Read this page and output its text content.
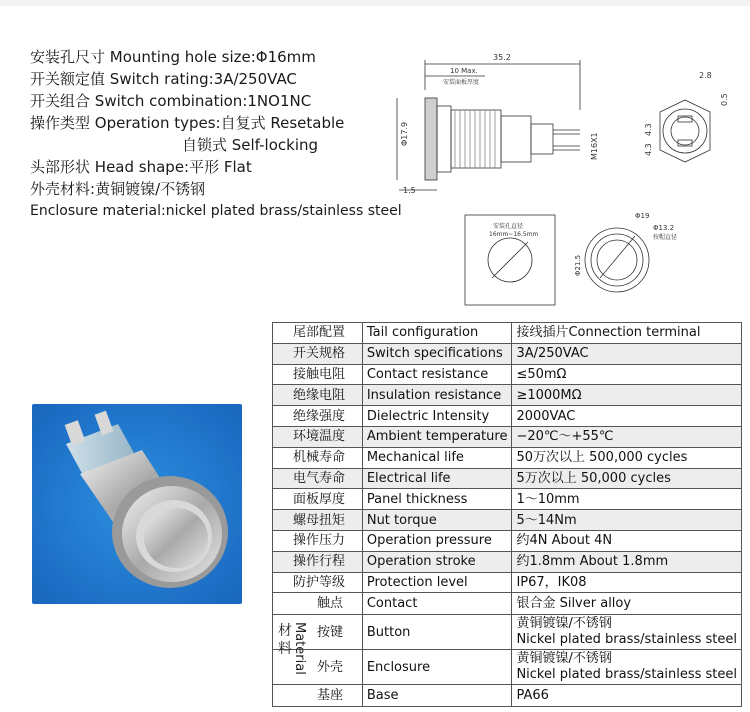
安装孔尺寸 Mounting hole size:Φ16mm
开关额定值 Switch rating:3A/250VAC
开关组合 Switch combination:1NO1NC
操作类型 Operation types:自复式 Resetable
自锁式 Self-locking
头部形状 Head shape:平形 Flat
外壳材料:黄铜镀镍/不锈钢
Enclosure material:nickel plated brass/stainless steel
35.2
10 Max.
安装面板厚度
Φ17.9
1.5
M16X1
2.8
0.5
4.3
4.3
安装孔直径
16mm~16.5mm
Φ19
Φ13.2
按帽直径
Φ21.5
尾部配置	Tail configuration	接线插片Connection terminal
开关规格	Switch specifications	3A/250VAC
接触电阻	Contact resistance	≤50mΩ
绝缘电阻	Insulation resistance	≥1000MΩ
绝缘强度	Dielectric Intensity	2000VAC
环境温度	Ambient temperature	−20℃～+55℃
机械寿命	Mechanical life	50万次以上 500,000 cycles
电气寿命	Electrical life	5万次以上 50,000 cycles
面板厚度	Panel thickness	1～10mm
螺母扭矩	Nut torque	5～14Nm
操作压力	Operation pressure	约4N About 4N
操作行程	Operation stroke	约1.8mm About 1.8mm
防护等级	Protection level	IP67，IK08
触点	Contact	银合金 Silver alloy

按键	Button	黄铜镀镍/不锈钢
Nickel plated brass/stainless steel

外壳	Enclosure	黄铜镀镍/不锈钢
Nickel plated brass/stainless steel

基座	Base	PA66
材料 Material
